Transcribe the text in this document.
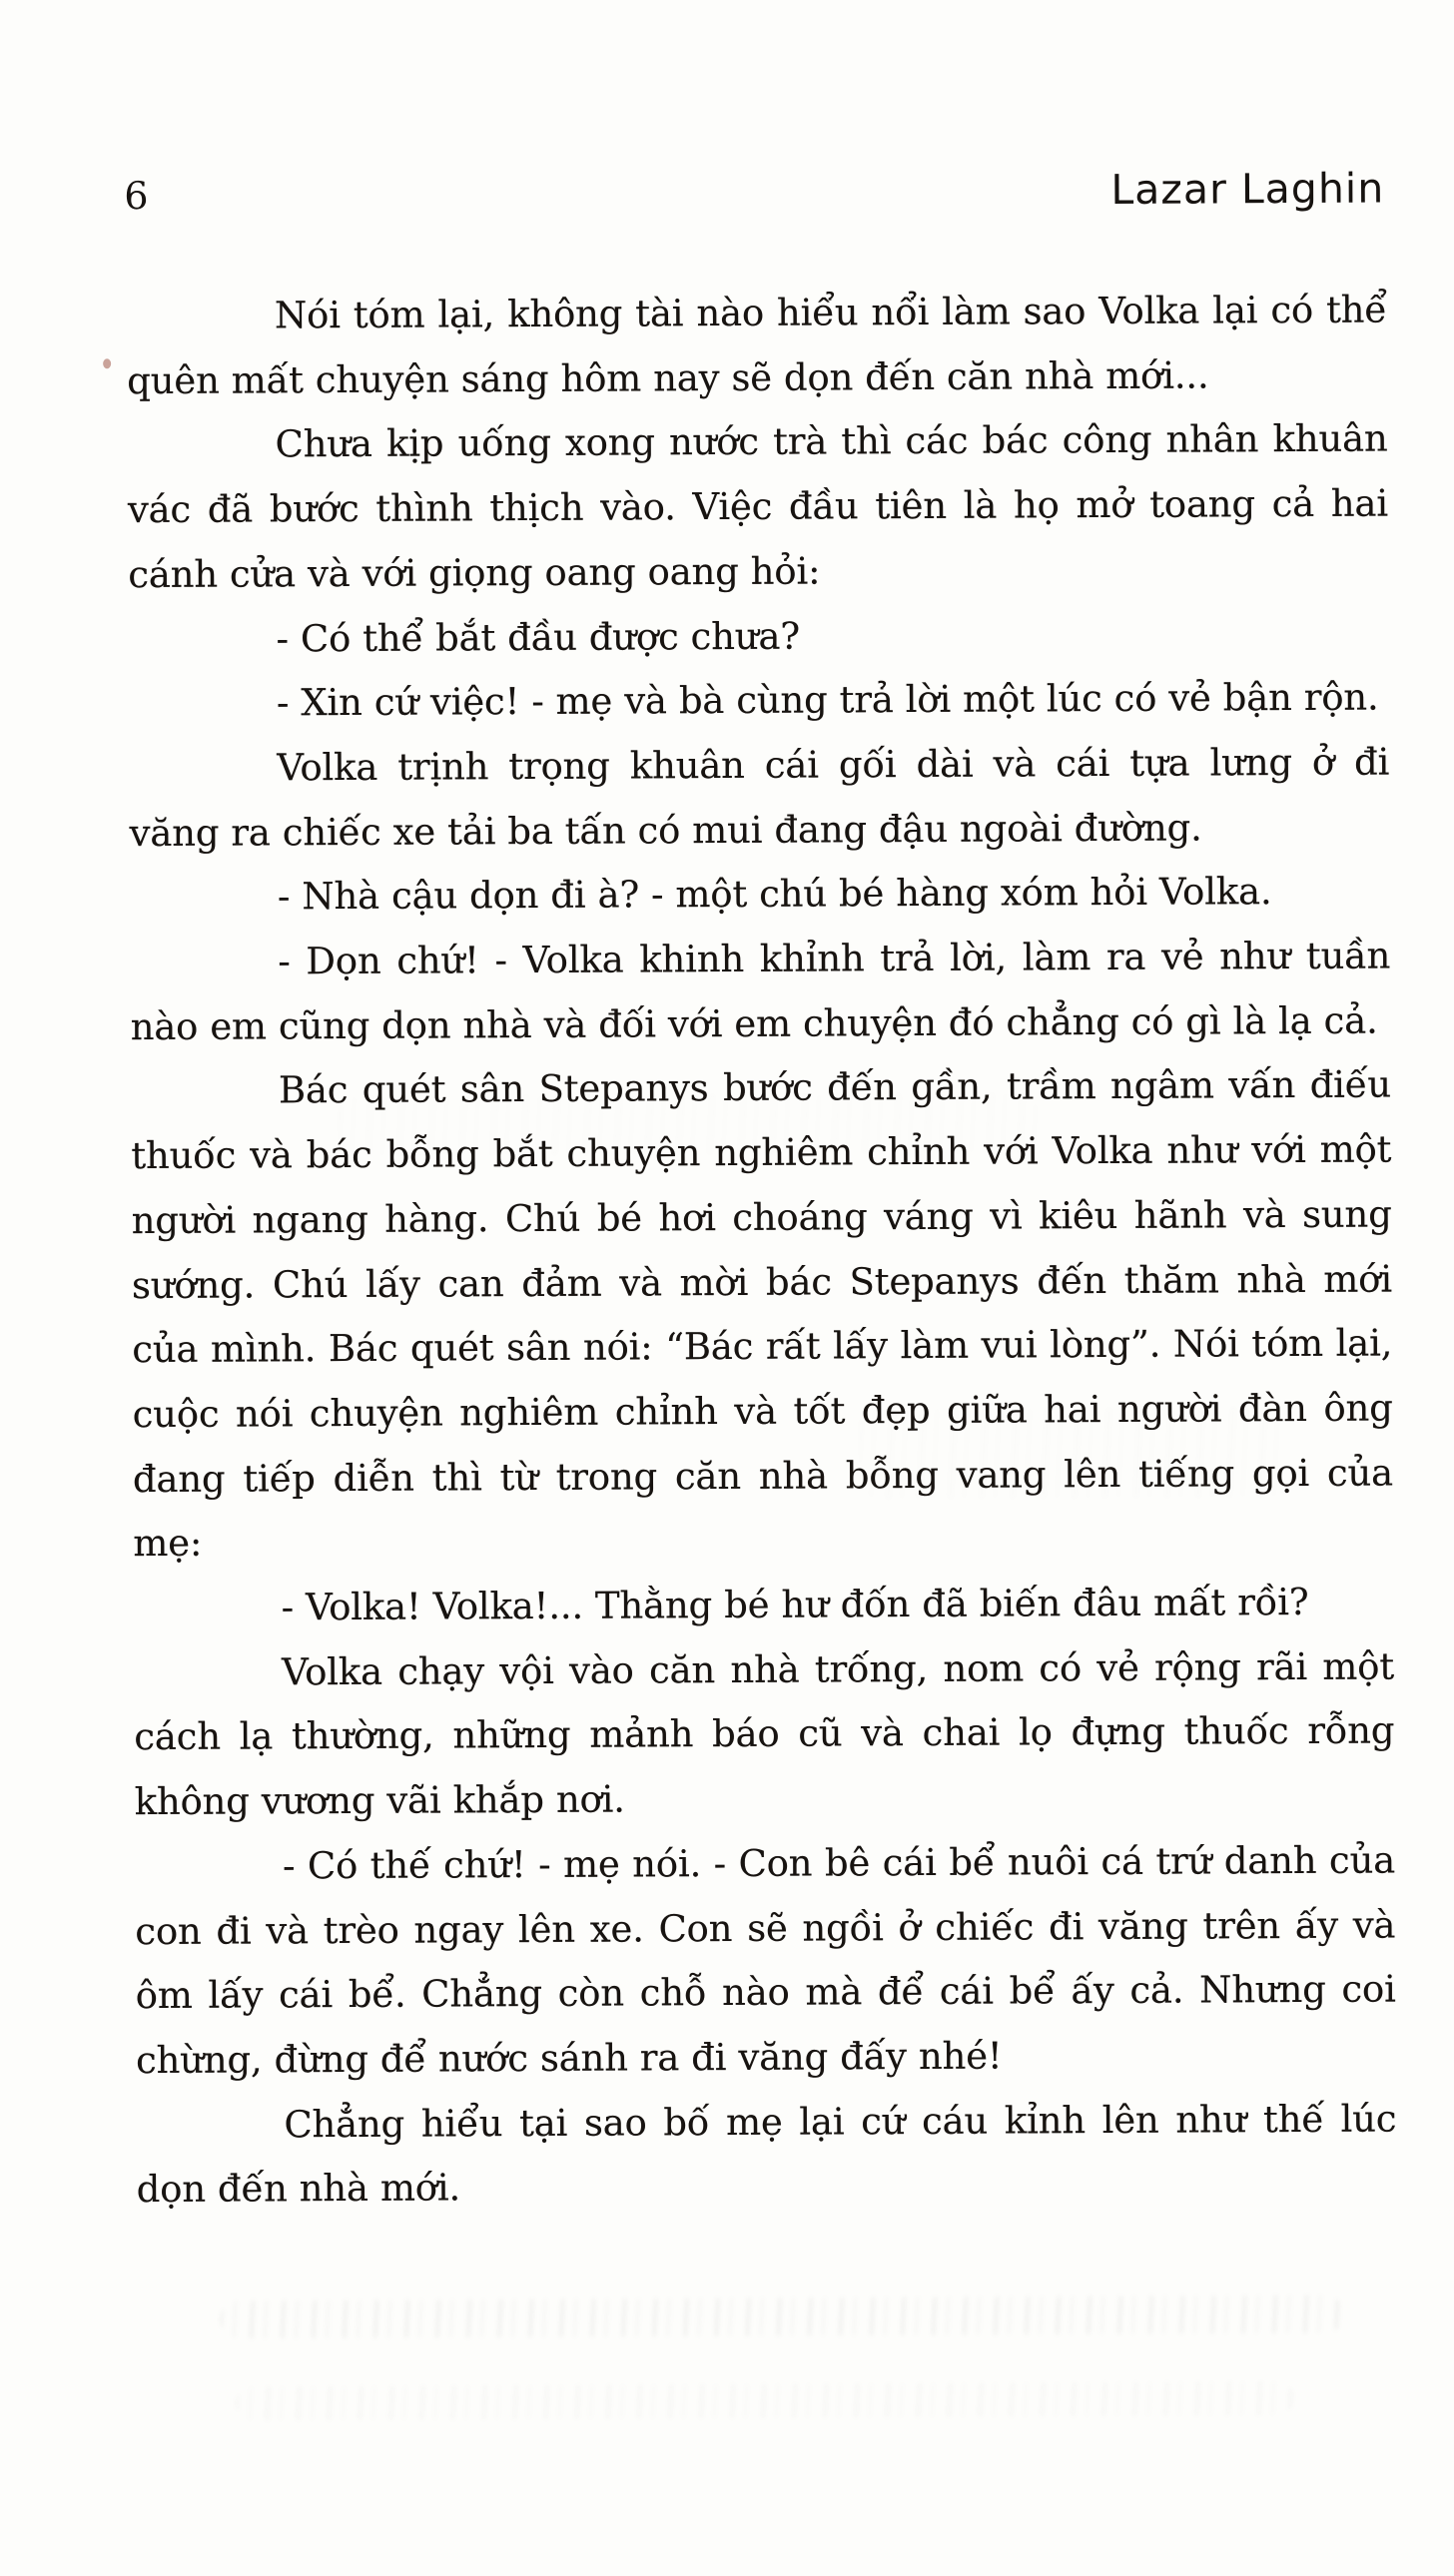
6	Lazar Laghin

Nói tóm lại, không tài nào hiểu nổi làm sao Volka lại có thể quên mất chuyện sáng hôm nay sẽ dọn đến căn nhà mới...

Chưa kịp uống xong nước trà thì các bác công nhân khuân vác đã bước thình thịch vào. Việc đầu tiên là họ mở toang cả hai cánh cửa và với giọng oang oang hỏi:

- Có thể bắt đầu được chưa?

- Xin cứ việc! - mẹ và bà cùng trả lời một lúc có vẻ bận rộn.

Volka trịnh trọng khuân cái gối dài và cái tựa lưng ở đi văng ra chiếc xe tải ba tấn có mui đang đậu ngoài đường.

- Nhà cậu dọn đi à? - một chú bé hàng xóm hỏi Volka.

- Dọn chứ! - Volka khinh khỉnh trả lời, làm ra vẻ như tuần nào em cũng dọn nhà và đối với em chuyện đó chẳng có gì là lạ cả.

Bác quét sân Stepanys bước đến gần, trầm ngâm vấn điếu thuốc và bác bỗng bắt chuyện nghiêm chỉnh với Volka như với một người ngang hàng. Chú bé hơi choáng váng vì kiêu hãnh và sung sướng. Chú lấy can đảm và mời bác Stepanys đến thăm nhà mới của mình. Bác quét sân nói: “Bác rất lấy làm vui lòng”. Nói tóm lại, cuộc nói chuyện nghiêm chỉnh và tốt đẹp giữa hai người đàn ông đang tiếp diễn thì từ trong căn nhà bỗng vang lên tiếng gọi của mẹ:

- Volka! Volka!... Thằng bé hư đốn đã biến đâu mất rồi?

Volka chạy vội vào căn nhà trống, nom có vẻ rộng rãi một cách lạ thường, những mảnh báo cũ và chai lọ đựng thuốc rỗng không vương vãi khắp nơi.

- Có thế chứ! - mẹ nói. - Con bê cái bể nuôi cá trứ danh của con đi và trèo ngay lên xe. Con sẽ ngồi ở chiếc đi văng trên ấy và ôm lấy cái bể. Chẳng còn chỗ nào mà để cái bể ấy cả. Nhưng coi chừng, đừng để nước sánh ra đi văng đấy nhé!

Chẳng hiểu tại sao bố mẹ lại cứ cáu kỉnh lên như thế lúc dọn đến nhà mới.
